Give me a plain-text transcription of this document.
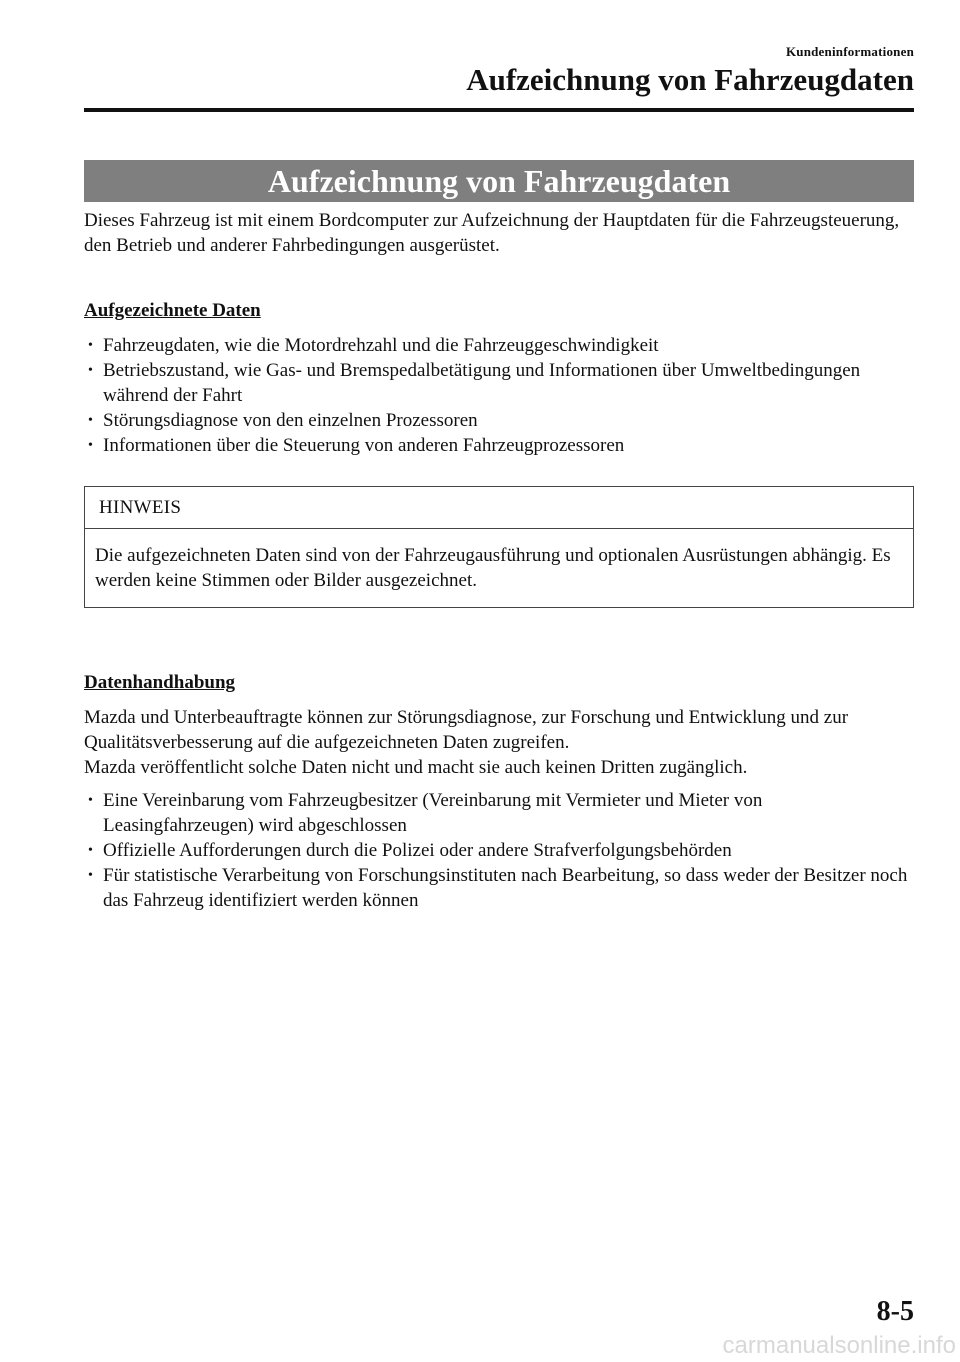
Kundeninformationen
Aufzeichnung von Fahrzeugdaten
Aufzeichnung von Fahrzeugdaten

Dieses Fahrzeug ist mit einem Bordcomputer zur Aufzeichnung der Hauptdaten für die Fahrzeugsteuerung, den Betrieb und anderer Fahrbedingungen ausgerüstet.

Aufgezeichnete Daten

• Fahrzeugdaten, wie die Motordrehzahl und die Fahrzeuggeschwindigkeit
• Betriebszustand, wie Gas- und Bremspedalbetätigung und Informationen über Umweltbedingungen während der Fahrt
• Störungsdiagnose von den einzelnen Prozessoren
• Informationen über die Steuerung von anderen Fahrzeugprozessoren
HINWEIS
Die aufgezeichneten Daten sind von der Fahrzeugausführung und optionalen Ausrüstungen abhängig. Es werden keine Stimmen oder Bilder ausgezeichnet.

Datenhandhabung

Mazda und Unterbeauftragte können zur Störungsdiagnose, zur Forschung und Entwicklung und zur Qualitätsverbesserung auf die aufgezeichneten Daten zugreifen.

Mazda veröffentlicht solche Daten nicht und macht sie auch keinen Dritten zugänglich.

• Eine Vereinbarung vom Fahrzeugbesitzer (Vereinbarung mit Vermieter und Mieter von Leasingfahrzeugen) wird abgeschlossen
• Offizielle Aufforderungen durch die Polizei oder andere Strafverfolgungsbehörden
• Für statistische Verarbeitung von Forschungsinstituten nach Bearbeitung, so dass weder der Besitzer noch das Fahrzeug identifiziert werden können
8-5
carmanualsonline.info
